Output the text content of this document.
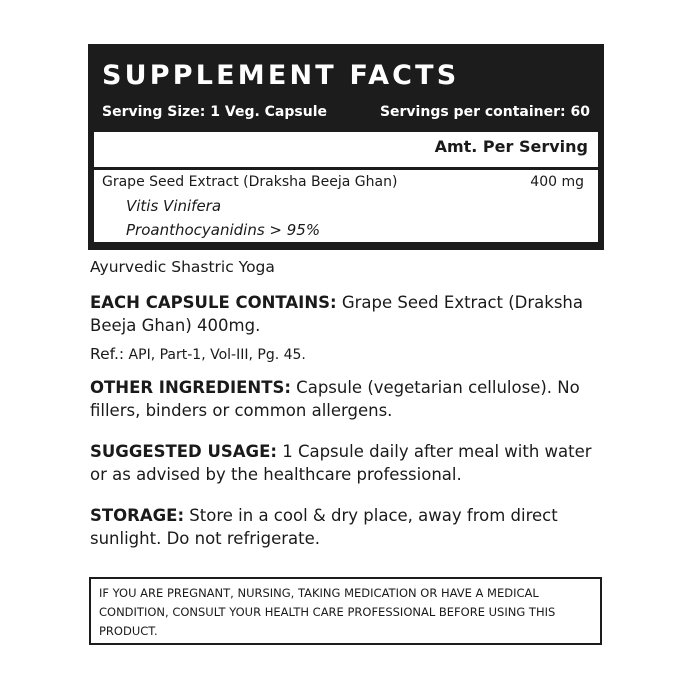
SUPPLEMENT FACTS
Serving Size: 1 Veg. Capsule	Servings per container: 60
Amt. Per Serving
Grape Seed Extract (Draksha Beeja Ghan)	400 mg
Vitis Vinifera
Proanthocyanidins > 95%
Ayurvedic Shastric Yoga
EACH CAPSULE CONTAINS: Grape Seed Extract (Draksha Beeja Ghan) 400mg.
Ref.: API, Part-1, Vol-III, Pg. 45.
OTHER INGREDIENTS: Capsule (vegetarian cellulose). No fillers, binders or common allergens.
SUGGESTED USAGE: 1 Capsule daily after meal with water or as advised by the healthcare professional.
STORAGE: Store in a cool & dry place, away from direct sunlight. Do not refrigerate.
IF YOU ARE PREGNANT, NURSING, TAKING MEDICATION OR HAVE A MEDICAL CONDITION, CONSULT YOUR HEALTH CARE PROFESSIONAL BEFORE USING THIS PRODUCT.
